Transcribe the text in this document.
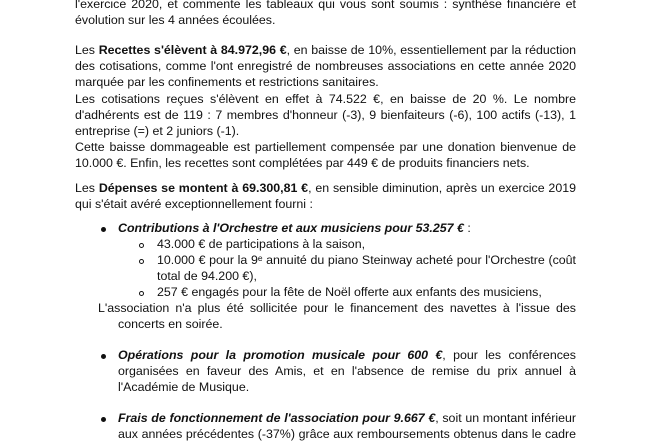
l'exercice 2020, et commente les tableaux qui vous sont soumis : synthèse financière et
évolution sur les 4 années écoulées.
Les Recettes s'élèvent à 84.972,96 €, en baisse de 10%, essentiellement par la réduction
des cotisations, comme l'ont enregistré de nombreuses associations en cette année 2020
marquée par les confinements et restrictions sanitaires.
Les cotisations reçues s'élèvent en effet à 74.522 €, en baisse de 20 %. Le nombre
d'adhérents est de 119 : 7 membres d'honneur (-3), 9 bienfaiteurs (-6), 100 actifs (-13), 1
entreprise (=) et 2 juniors (-1).
Cette baisse dommageable est partiellement compensée par une donation bienvenue de
10.000 €. Enfin, les recettes sont complétées par 449 € de produits financiers nets.
Les Dépenses se montent à 69.300,81 €, en sensible diminution, après un exercice 2019
qui s'était avéré exceptionnellement fourni :
Contributions à l'Orchestre et aux musiciens pour 53.257 € :
43.000 € de participations à la saison,
10.000 € pour la 9ᵉ annuité du piano Steinway acheté pour l'Orchestre (coût
total de 94.200 €),
257 € engagés pour la fête de Noël offerte aux enfants des musiciens,
L'association n'a plus été sollicitée pour le financement des navettes à l'issue des
concerts en soirée.
Opérations pour la promotion musicale pour 600 €, pour les conférences
organisées en faveur des Amis, et en l'absence de remise du prix annuel à
l'Académie de Musique.
Frais de fonctionnement de l'association pour 9.667 €, soit un montant inférieur
aux années précédentes (-37%) grâce aux remboursements obtenus dans le cadre
